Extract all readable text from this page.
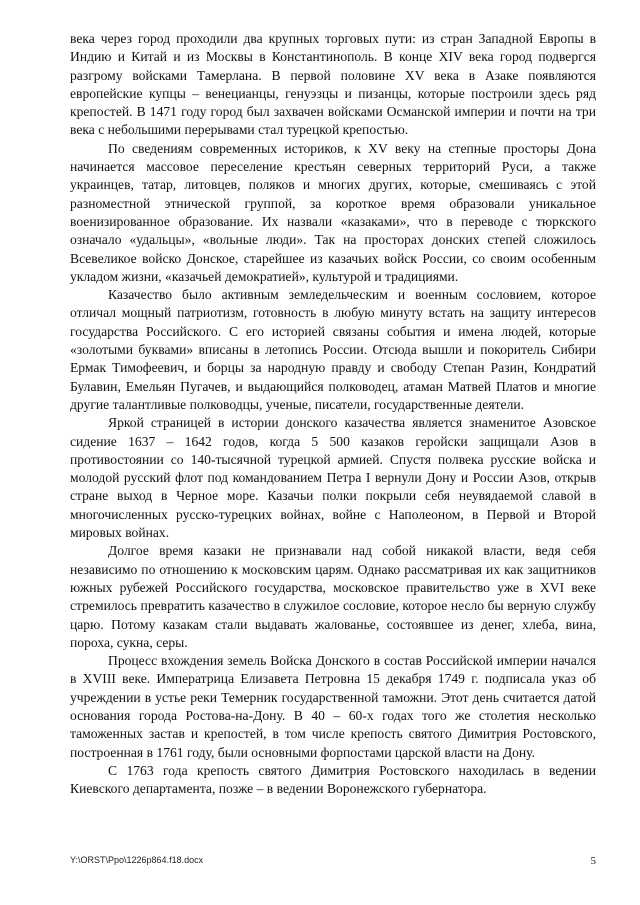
века через город проходили два крупных торговых пути: из стран Западной Европы в Индию и Китай и из Москвы в Константинополь. В конце XIV века город подвергся разгрому войсками Тамерлана. В первой половине XV века в Азаке появляются европейские купцы – венецианцы, генуэзцы и пизанцы, которые построили здесь ряд крепостей. В 1471 году город был захвачен войсками Османской империи и почти на три века с небольшими перерывами стал турецкой крепостью.

По сведениям современных историков, к XV веку на степные просторы Дона начинается массовое переселение крестьян северных территорий Руси, а также украинцев, татар, литовцев, поляков и многих других, которые, смешиваясь с этой разноместной этнической группой, за короткое время образовали уникальное военизированное образование. Их назвали «казаками», что в переводе с тюркского означало «удальцы», «вольные люди». Так на просторах донских степей сложилось Всевеликое войско Донское, старейшее из казачьих войск России, со своим особенным укладом жизни, «казачьей демократией», культурой и традициями.

Казачество было активным земледельческим и военным сословием, которое отличал мощный патриотизм, готовность в любую минуту встать на защиту интересов государства Российского. С его историей связаны события и имена людей, которые «золотыми буквами» вписаны в летопись России. Отсюда вышли и покоритель Сибири Ермак Тимофеевич, и борцы за народную правду и свободу Степан Разин, Кондратий Булавин, Емельян Пугачев, и выдающийся полководец, атаман Матвей Платов и многие другие талантливые полководцы, ученые, писатели, государственные деятели.

Яркой страницей в истории донского казачества является знаменитое Азовское сидение 1637 – 1642 годов, когда 5 500 казаков геройски защищали Азов в противостоянии со 140-тысячной турецкой армией. Спустя полвека русские войска и молодой русский флот под командованием Петра I вернули Дону и России Азов, открыв стране выход в Черное море. Казачьи полки покрыли себя неувядаемой славой в многочисленных русско-турецких войнах, войне с Наполеоном, в Первой и Второй мировых войнах.

Долгое время казаки не признавали над собой никакой власти, ведя себя независимо по отношению к московским царям. Однако рассматривая их как защитников южных рубежей Российского государства, московское правительство уже в XVI веке стремилось превратить казачество в служилое сословие, которое несло бы верную службу царю. Потому казакам стали выдавать жалованье, состоявшее из денег, хлеба, вина, пороха, сукна, серы.

Процесс вхождения земель Войска Донского в состав Российской империи начался в XVIII веке. Императрица Елизавета Петровна 15 декабря 1749 г. подписала указ об учреждении в устье реки Темерник государственной таможни. Этот день считается датой основания города Ростова-на-Дону. В 40 – 60-х годах того же столетия несколько таможенных застав и крепостей, в том числе крепость святого Димитрия Ростовского, построенная в 1761 году, были основными форпостами царской власти на Дону.

С 1763 года крепость святого Димитрия Ростовского находилась в ведении Киевского департамента, позже – в ведении Воронежского губернатора.

Y:\ORST\Ppo\1226p864.f18.docx	5
